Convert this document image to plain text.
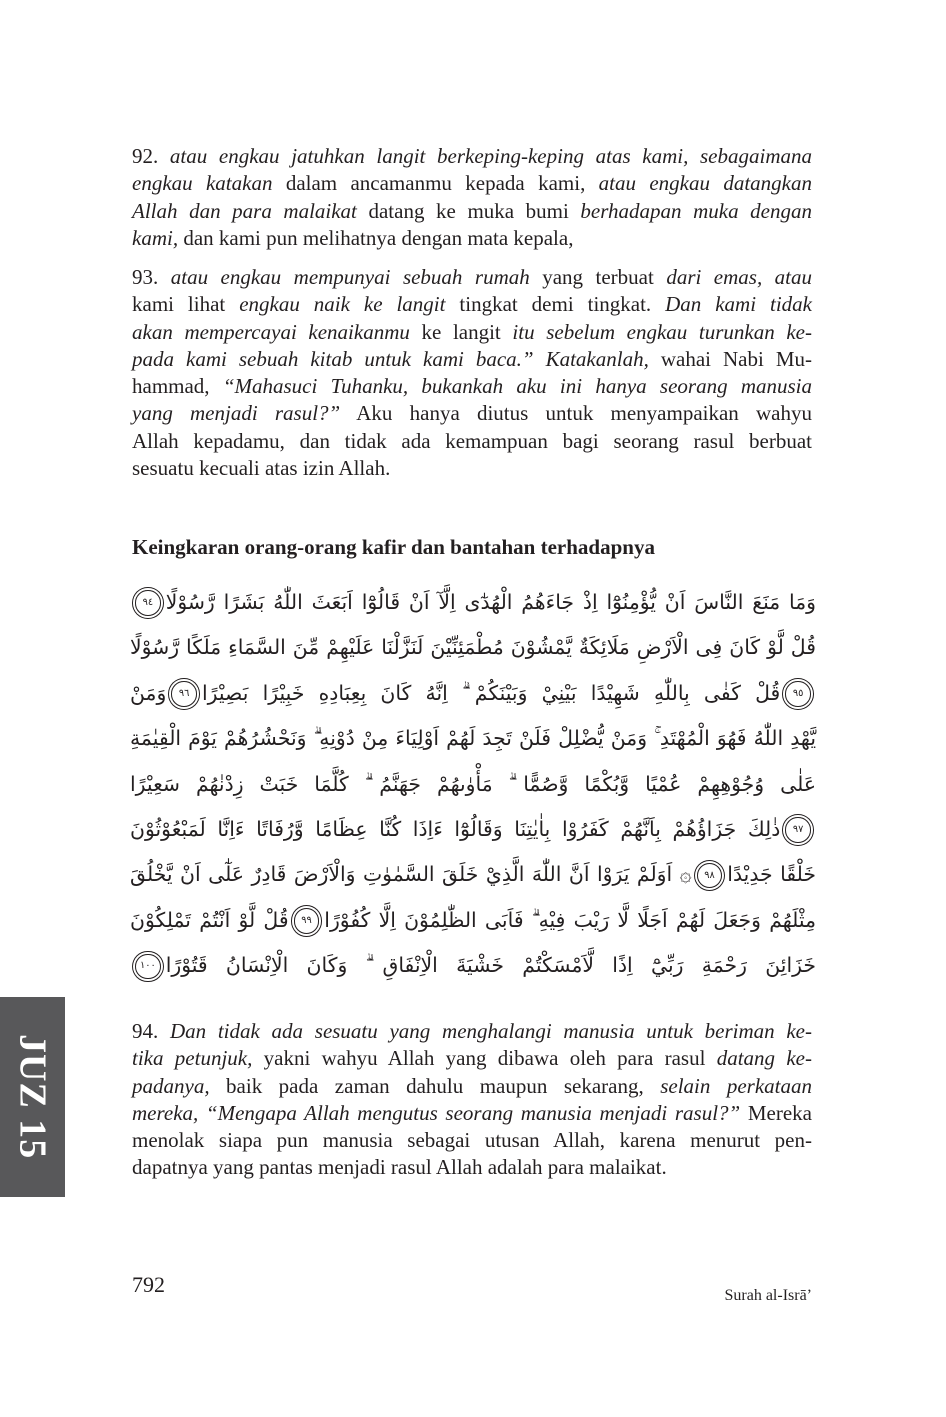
92. atau engkau jatuhkan langit berkeping-keping atas kami, sebagaimana
engkau katakan dalam ancamanmu kepada kami, atau engkau datangkan
Allah dan para malaikat datang ke muka bumi berhadapan muka dengan
kami, dan kami pun melihatnya dengan mata kepala,
93. atau engkau mempunyai sebuah rumah yang terbuat dari emas, atau
kami lihat engkau naik ke langit tingkat demi tingkat. Dan kami tidak
akan mempercayai kenaikanmu ke langit itu sebelum engkau turunkan ke-
pada kami sebuah kitab untuk kami baca.” Katakanlah, wahai Nabi Mu-
hammad, “Mahasuci Tuhanku, bukankah aku ini hanya seorang manusia
yang menjadi rasul?” Aku hanya diutus untuk menyampaikan wahyu
Allah kepadamu, dan tidak ada kemampuan bagi seorang rasul berbuat
sesuatu kecuali atas izin Allah.
Keingkaran orang-orang kafir dan bantahan terhadapnya
وَمَا مَنَعَ النَّاسَ اَنْ يُّؤْمِنُوْٓا اِذْ جَاءَهُمُ الْهُدٰٓى اِلَّآ اَنْ قَالُوْٓا اَبَعَثَ اللّٰهُ بَشَرًا رَّسُوْلًا
٩٤
قُلْ لَّوْ كَانَ فِى الْاَرْضِ مَلَائِكَةٌ يَّمْشُوْنَ مُطْمَئِنِّيْنَ لَنَزَّلْنَا عَلَيْهِمْ مِّنَ السَّمَاءِ مَلَكًا رَّسُوْلًا
٩٥
قُلْ كَفٰى بِاللّٰهِ شَهِيْدًا بَيْنِيْ وَبَيْنَكُمْ ۗ اِنَّهُ كَانَ بِعِبَادِهِ خَبِيْرًا بَصِيْرًا
٩٦
وَمَنْ
يَّهْدِ اللّٰهُ فَهُوَ الْمُهْتَدِ ۚ وَمَنْ يُّضْلِلْ فَلَنْ تَجِدَ لَهُمْ اَوْلِيَاءَ مِنْ دُوْنِهِ ۗ وَنَحْشُرُهُمْ يَوْمَ الْقِيٰمَةِ
عَلٰى وُجُوْهِهِمْ عُمْيًا وَّبُكْمًا وَّصُمًّا ۗ مَأْوٰىهُمْ جَهَنَّمُ ۗ كُلَّمَا خَبَتْ زِدْنٰهُمْ سَعِيْرًا
٩٧
ذٰلِكَ جَزَاؤُهُمْ بِاَنَّهُمْ كَفَرُوْا بِاٰيٰتِنَا وَقَالُوْٓا ءَاِذَا كُنَّا عِظَامًا وَّرُفَاتًا ءَاِنَّا لَمَبْعُوْثُوْنَ
خَلْقًا جَدِيْدًا
٩٨
۞ اَوَلَمْ يَرَوْا اَنَّ اللّٰهَ الَّذِيْ خَلَقَ السَّمٰوٰتِ وَالْاَرْضَ قَادِرٌ عَلٰٓى اَنْ يَّخْلُقَ
مِثْلَهُمْ وَجَعَلَ لَهُمْ اَجَلًا لَّا رَيْبَ فِيْهِ ۗ فَاَبَى الظّٰلِمُوْنَ اِلَّا كُفُوْرًا
٩٩
قُلْ لَّوْ اَنْتُمْ تَمْلِكُوْنَ
خَزَائِنَ رَحْمَةِ رَبِّيْٓ اِذًا لَّاَمْسَكْتُمْ خَشْيَةَ الْاِنْفَاقِ ۗ وَكَانَ الْاِنْسَانُ قَتُوْرًا
١٠٠
94. Dan tidak ada sesuatu yang menghalangi manusia untuk beriman ke-
tika petunjuk, yakni wahyu Allah yang dibawa oleh para rasul datang ke-
padanya, baik pada zaman dahulu maupun sekarang, selain perkataan
mereka, “Mengapa Allah mengutus seorang manusia menjadi rasul?” Mereka
menolak siapa pun manusia sebagai utusan Allah, karena menurut pen-
dapatnya yang pantas menjadi rasul Allah adalah para malaikat.
JUZ 15
792	Surah al-Isrā’
